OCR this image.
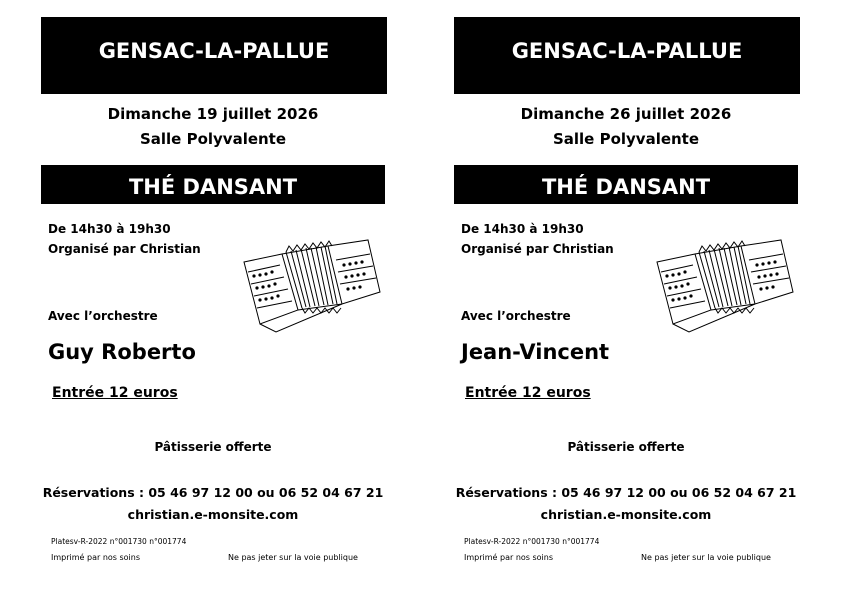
GENSAC-LA-PALLUE
Dimanche 19 juillet 2026
Salle Polyvalente
THÉ DANSANT
De 14h30 à 19h30
Organisé par Christian
Avec l’orchestre
Guy Roberto
Entrée 12 euros
Pâtisserie offerte
Réservations : 05 46 97 12 00 ou 06 52 04 67 21
christian.e-monsite.com
Platesv-R-2022 n°001730 n°001774
Imprimé par nos soins	Ne pas jeter sur la voie publique
GENSAC-LA-PALLUE
Dimanche 26 juillet 2026
Salle Polyvalente
THÉ DANSANT
De 14h30 à 19h30
Organisé par Christian
Avec l’orchestre
Jean-Vincent
Entrée 12 euros
Pâtisserie offerte
Réservations : 05 46 97 12 00 ou 06 52 04 67 21
christian.e-monsite.com
Platesv-R-2022 n°001730 n°001774
Imprimé par nos soins	Ne pas jeter sur la voie publique
